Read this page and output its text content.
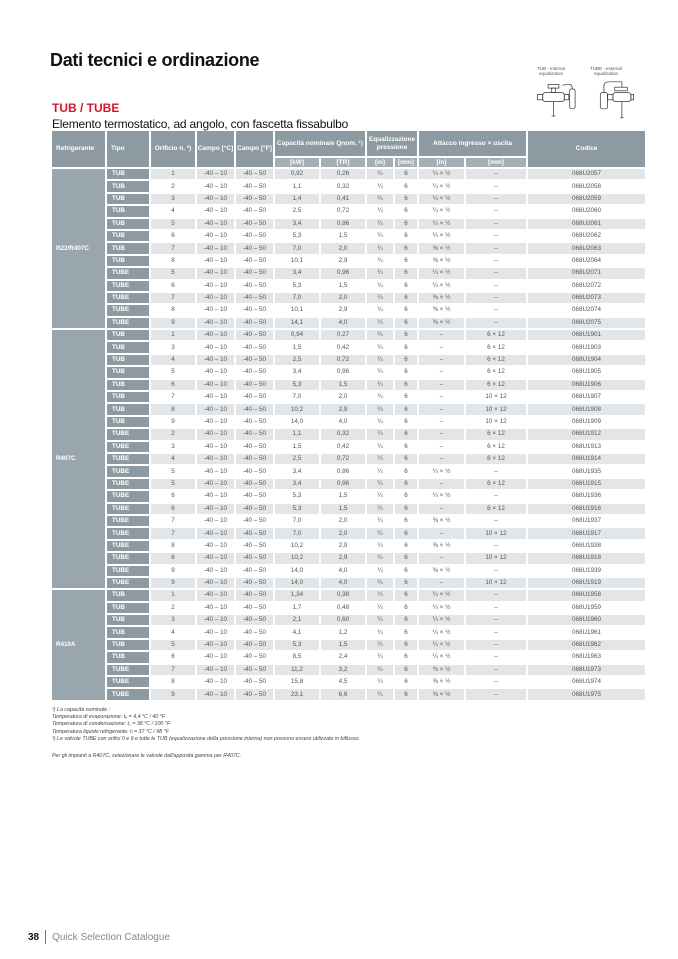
Dati tecnici e ordinazione	TUB - internal equalization
TUBE - external equalization
TUB / TUBE
Elemento termostatico, ad angolo, con fascetta fissabulbo
Refrigerante	Tipo	Orificio n. ²)	Campo [°C]	Campo [°F]	Capacità nominale Qnom. ¹)		Equalizzazione pressione		Attacco ingresso × uscita		Codice
					[kW]	[TR]	[in]	[mm]	[in]	[mm]	
R22/R407C	TUB	1	-40 – 10	-40 – 50	0,92	0,26	¼	6	¼ × ½	–	068U2057
	TUB	2	-40 – 10	-40 – 50	1,1	0,32	¼	6	¼ × ½	–	068U2058
	TUB	3	-40 – 10	-40 – 50	1,4	0,41	¼	6	¼ × ½	–	068U2059
	TUB	4	-40 – 10	-40 – 50	2,5	0,72	¼	6	¼ × ½	–	068U2060
	TUB	5	-40 – 10	-40 – 50	3,4	0,96	¼	6	¼ × ½	–	068U2061
	TUB	6	-40 – 10	-40 – 50	5,3	1,5	¼	6	¼ × ½	–	068U2062
	TUB	7	-40 – 10	-40 – 50	7,0	2,0	¼	6	⅜ × ½	–	068U2063
	TUB	8	-40 – 10	-40 – 50	10,1	2,9	¼	6	⅜ × ½	–	068U2064
	TUBE	5	-40 – 10	-40 – 50	3,4	0,96	¼	6	¼ × ½	–	068U2071
	TUBE	6	-40 – 10	-40 – 50	5,3	1,5	¼	6	¼ × ½	–	068U2072
	TUBE	7	-40 – 10	-40 – 50	7,0	2,0	¼	6	⅜ × ½	–	068U2073
	TUBE	8	-40 – 10	-40 – 50	10,1	2,9	¼	6	⅜ × ½	–	068U2074
	TUBE	9	-40 – 10	-40 – 50	14,1	4,0	¼	6	⅜ × ½	–	068U2075
R407C	TUB	1	-40 – 10	-40 – 50	0,94	0,27	¼	6	–	6 × 12	068U1901
	TUB	3	-40 – 10	-40 – 50	1,5	0,42	¼	6	–	6 × 12	068U1903
	TUB	4	-40 – 10	-40 – 50	2,5	0,72	¼	6	–	6 × 12	068U1904
	TUB	5	-40 – 10	-40 – 50	3,4	0,96	¼	6	–	6 × 12	068U1905
	TUB	6	-40 – 10	-40 – 50	5,3	1,5	¼	6	–	6 × 12	068U1906
	TUB	7	-40 – 10	-40 – 50	7,0	2,0	¼	6	–	10 × 12	068U1907
	TUB	8	-40 – 10	-40 – 50	10,2	2,9	¼	6	–	10 × 12	068U1908
	TUB	9	-40 – 10	-40 – 50	14,0	4,0	¼	6	–	10 × 12	068U1909
	TUBE	2	-40 – 10	-40 – 50	1,1	0,32	¼	6	–	6 × 12	068U1912
	TUBE	3	-40 – 10	-40 – 50	1,5	0,42	¼	6	–	6 × 12	068U1913
	TUBE	4	-40 – 10	-40 – 50	2,5	0,72	¼	6	–	6 × 12	068U1914
	TUBE	5	-40 – 10	-40 – 50	3,4	0,96	¼	6	¼ × ½	–	068U1935
	TUBE	5	-40 – 10	-40 – 50	3,4	0,96	¼	6	–	6 × 12	068U1915
	TUBE	6	-40 – 10	-40 – 50	5,3	1,5	¼	6	¼ × ½	–	068U1936
	TUBE	6	-40 – 10	-40 – 50	5,3	1,5	¼	6	–	6 × 12	068U1916
	TUBE	7	-40 – 10	-40 – 50	7,0	2,0	¼	6	⅜ × ½	–	068U1937
	TUBE	7	-40 – 10	-40 – 50	7,0	2,0	¼	6	–	10 × 12	068U1917
	TUBE	8	-40 – 10	-40 – 50	10,2	2,9	¼	6	⅜ × ½	–	068U1938
	TUBE	8	-40 – 10	-40 – 50	10,2	2,9	¼	6	–	10 × 12	068U1918
	TUBE	9	-40 – 10	-40 – 50	14,0	4,0	¼	6	⅜ × ½	–	068U1939
	TUBE	9	-40 – 10	-40 – 50	14,0	4,0	¼	6	–	10 × 12	068U1919
R410A	TUB	1	-40 – 10	-40 – 50	1,34	0,38	¼	6	¼ × ½	–	068U1958
	TUB	2	-40 – 10	-40 – 50	1,7	0,48	¼	6	¼ × ½	–	068U1959
	TUB	3	-40 – 10	-40 – 50	2,1	0,60	¼	6	¼ × ½	–	068U1960
	TUB	4	-40 – 10	-40 – 50	4,1	1,2	¼	6	¼ × ½	–	068U1961
	TUB	5	-40 – 10	-40 – 50	5,3	1,5	¼	6	¼ × ½	–	068U1962
	TUB	6	-40 – 10	-40 – 50	8,5	2,4	¼	6	¼ × ½	–	068U1963
	TUBE	7	-40 – 10	-40 – 50	11,2	3,2	¼	6	⅜ × ½	–	068U1973
	TUBE	8	-40 – 10	-40 – 50	15,8	4,5	¼	6	⅜ × ½	–	068U1974
	TUBE	9	-40 – 10	-40 – 50	23,1	6,6	¼	6	⅜ × ½	–	068U1975
¹) La capacità nominale :
Temperatura di evaporazione: tₑ = 4,4 °C / 40 °F
Temperatura di condensazione: t꜀ = 38 °C / 100 °F
Temperatura liquido refrigerante: tₗ = 37 °C / 98 °F
²) Le valvole TUBE con orifici 0 e 9 e tutte le TUB (equalizzazione della pressione interna) non possono essere utilizzate in biflusso.
Per gli impianti a R407C, selezionare le valvole dall'apposita gamma per R407C.
38 Quick Selection Catalogue
